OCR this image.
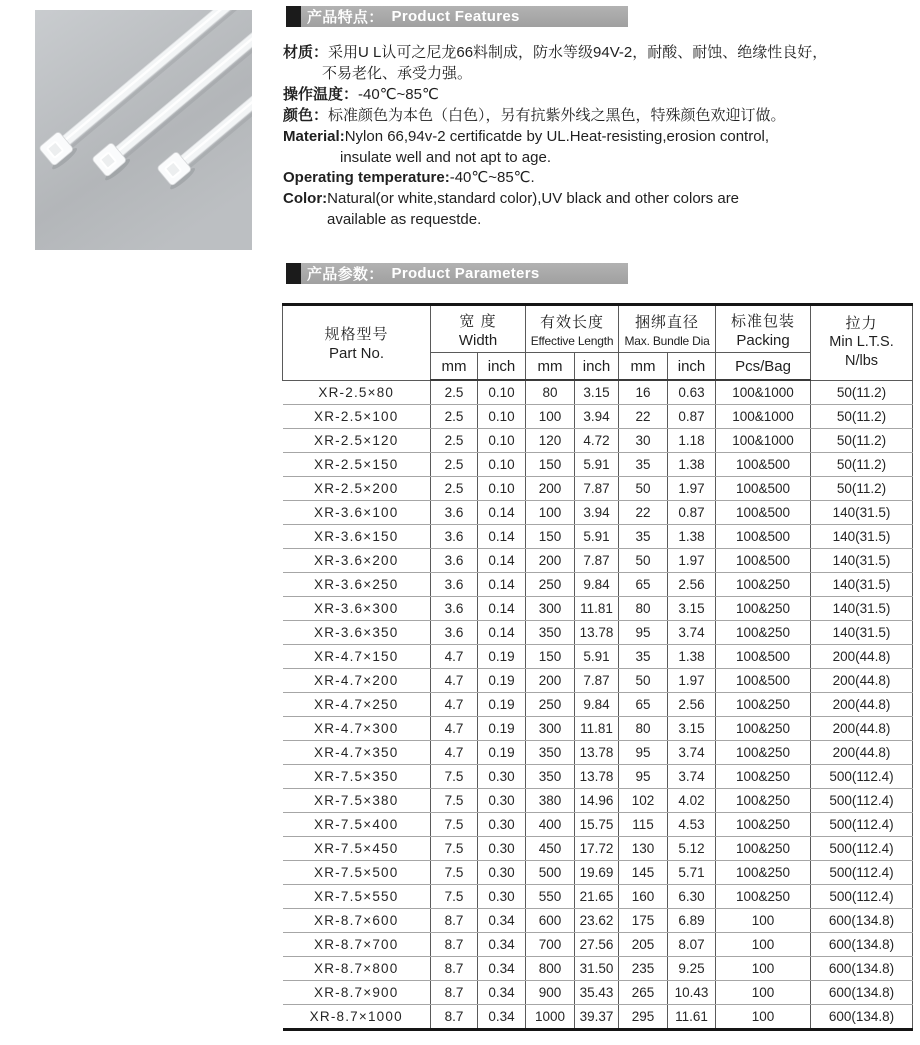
产品特点： Product Features
材质：采用U L认可之尼龙66料制成，防水等级94V-2，耐酸、耐蚀、绝缘性良好，
不易老化、承受力强。
操作温度：-40℃~85℃
颜色：标准颜色为本色（白色），另有抗紫外线之黑色，特殊颜色欢迎订做。
Material:Nylon 66,94v-2 certificatde by UL.Heat-resisting,erosion control,
insulate well and not apt to age.
Operating temperature:-40℃~85℃.
Color:Natural(or white,standard color),UV black and other colors are
available as requestde.
产品参数： Product Parameters
规格型号
Part No.

宽 度
Width

有效长度
Effective Length

捆绑直径
Max. Bundle Dia

标准包装
Packing

拉力
Min L.T.S.
N/lbs

	mm	inch	mm	inch	mm	inch	Pcs/Bag	
XR-2.5×80	2.5	0.10	80	3.15	16	0.63	100&1000	50(11.2)
XR-2.5×100	2.5	0.10	100	3.94	22	0.87	100&1000	50(11.2)
XR-2.5×120	2.5	0.10	120	4.72	30	1.18	100&1000	50(11.2)
XR-2.5×150	2.5	0.10	150	5.91	35	1.38	100&500	50(11.2)
XR-2.5×200	2.5	0.10	200	7.87	50	1.97	100&500	50(11.2)
XR-3.6×100	3.6	0.14	100	3.94	22	0.87	100&500	140(31.5)
XR-3.6×150	3.6	0.14	150	5.91	35	1.38	100&500	140(31.5)
XR-3.6×200	3.6	0.14	200	7.87	50	1.97	100&500	140(31.5)
XR-3.6×250	3.6	0.14	250	9.84	65	2.56	100&250	140(31.5)
XR-3.6×300	3.6	0.14	300	11.81	80	3.15	100&250	140(31.5)
XR-3.6×350	3.6	0.14	350	13.78	95	3.74	100&250	140(31.5)
XR-4.7×150	4.7	0.19	150	5.91	35	1.38	100&500	200(44.8)
XR-4.7×200	4.7	0.19	200	7.87	50	1.97	100&500	200(44.8)
XR-4.7×250	4.7	0.19	250	9.84	65	2.56	100&250	200(44.8)
XR-4.7×300	4.7	0.19	300	11.81	80	3.15	100&250	200(44.8)
XR-4.7×350	4.7	0.19	350	13.78	95	3.74	100&250	200(44.8)
XR-7.5×350	7.5	0.30	350	13.78	95	3.74	100&250	500(112.4)
XR-7.5×380	7.5	0.30	380	14.96	102	4.02	100&250	500(112.4)
XR-7.5×400	7.5	0.30	400	15.75	115	4.53	100&250	500(112.4)
XR-7.5×450	7.5	0.30	450	17.72	130	5.12	100&250	500(112.4)
XR-7.5×500	7.5	0.30	500	19.69	145	5.71	100&250	500(112.4)
XR-7.5×550	7.5	0.30	550	21.65	160	6.30	100&250	500(112.4)
XR-8.7×600	8.7	0.34	600	23.62	175	6.89	100	600(134.8)
XR-8.7×700	8.7	0.34	700	27.56	205	8.07	100	600(134.8)
XR-8.7×800	8.7	0.34	800	31.50	235	9.25	100	600(134.8)
XR-8.7×900	8.7	0.34	900	35.43	265	10.43	100	600(134.8)
XR-8.7×1000	8.7	0.34	1000	39.37	295	11.61	100	600(134.8)
